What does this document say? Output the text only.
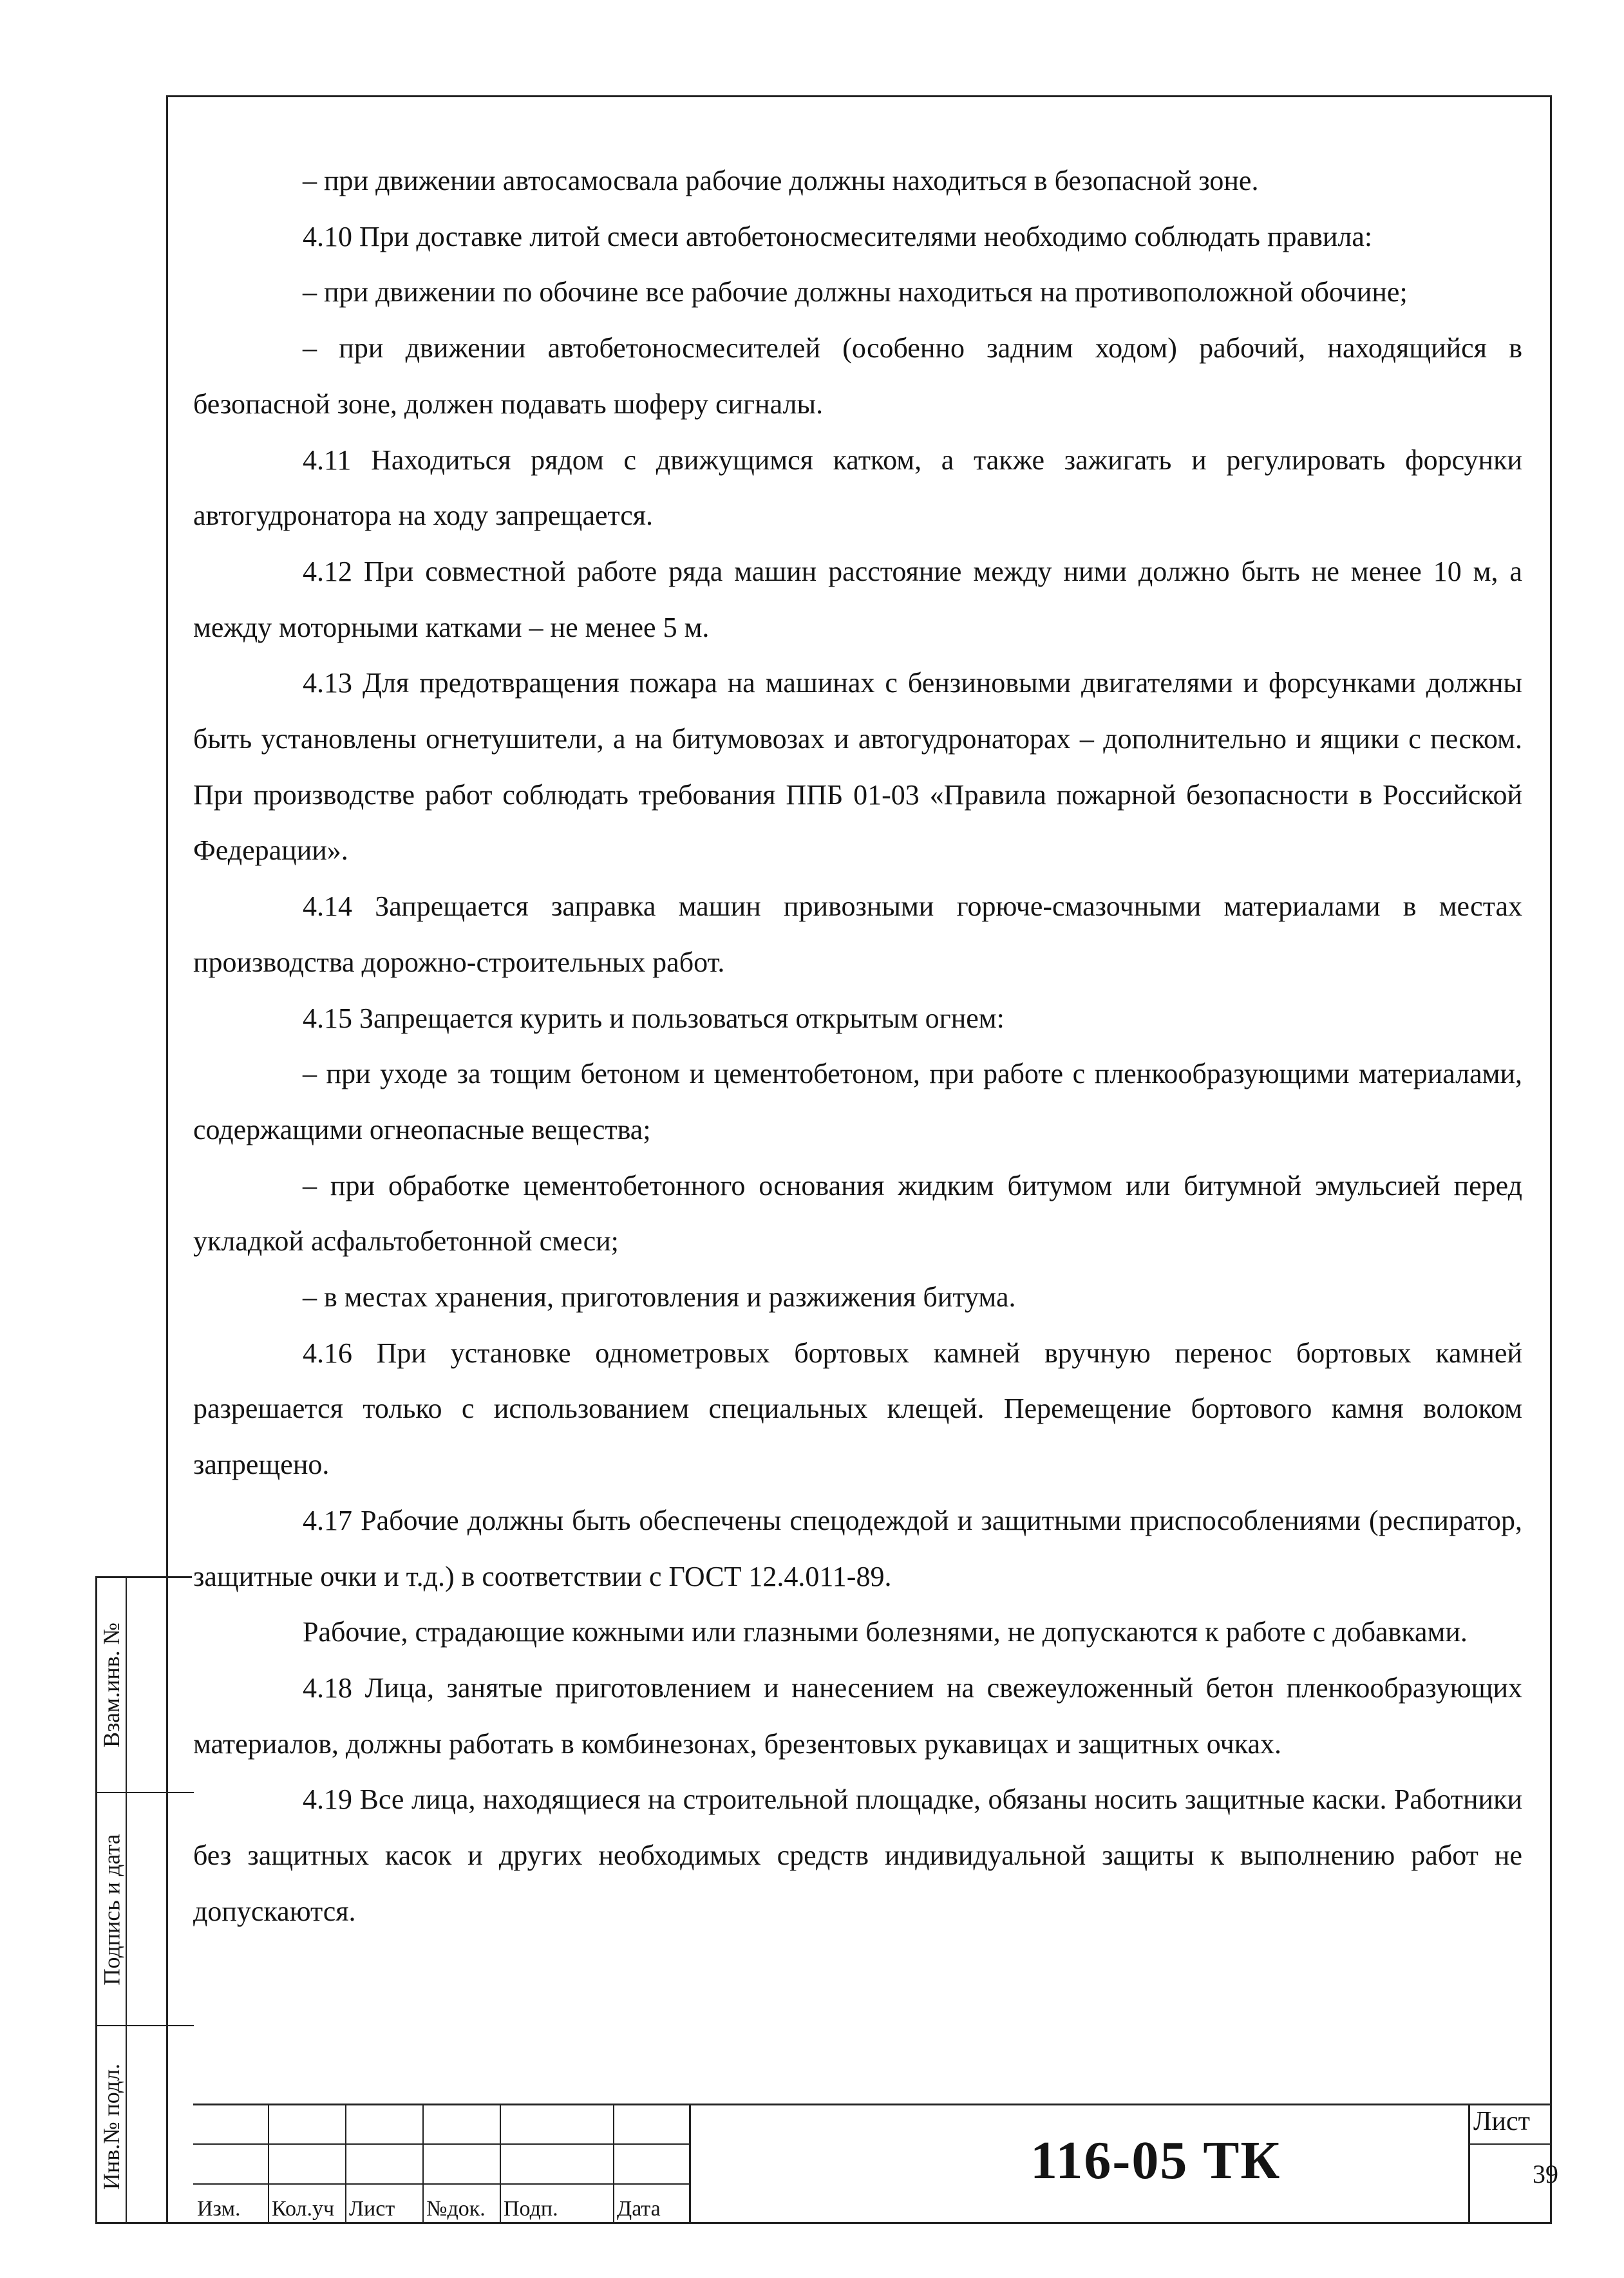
– при движении автосамосвала рабочие должны находиться в безопасной зоне.

4.10 При доставке литой смеси автобетоносмесителями необходимо соблюдать правила:

– при движении по обочине все рабочие должны находиться на противоположной обочине;

– при движении автобетоносмесителей (особенно задним ходом) рабочий, находящийся в безопасной зоне, должен подавать шоферу сигналы.

4.11 Находиться рядом с движущимся катком, а также зажигать и регулировать форсунки автогудронатора на ходу запрещается.

4.12 При совместной работе ряда машин расстояние между ними должно быть не менее 10 м, а между моторными катками – не менее 5 м.

4.13 Для предотвращения пожара на машинах с бензиновыми двигателями и форсунками должны быть установлены огнетушители, а на битумовозах и автогудронаторах – дополнительно и ящики с песком. При производстве работ соблюдать требования ППБ 01-03 «Правила пожарной безопасности в Российской Федерации».

4.14 Запрещается заправка машин привозными горюче-смазочными материалами в местах производства дорожно-строительных работ.

4.15 Запрещается курить и пользоваться открытым огнем:

– при уходе за тощим бетоном и цементобетоном, при работе с пленкообразующими материалами, содержащими огнеопасные вещества;

– при обработке цементобетонного основания жидким битумом или битумной эмульсией перед укладкой асфальтобетонной смеси;

– в местах хранения, приготовления и разжижения битума.

4.16 При установке однометровых бортовых камней вручную перенос бортовых камней разрешается только с использованием специальных клещей. Перемещение бортового камня волоком запрещено.

4.17 Рабочие должны быть обеспечены спецодеждой и защитными приспособлениями (респиратор, защитные очки и т.д.) в соответствии с ГОСТ 12.4.011-89.

Рабочие, страдающие кожными или глазными болезнями, не допускаются к работе с добавками.

4.18 Лица, занятые приготовлением и нанесением на свежеуложенный бетон пленкообразующих материалов, должны работать в комбинезонах, брезентовых рукавицах и защитных очках.

4.19 Все лица, находящиеся на строительной площадке, обязаны носить защитные каски. Работники без защитных касок и других необходимых средств индивидуальной защиты к выполнению работ не допускаются.

Взам.инв. №
Подпись и дата
Инв.№ подл.	116-05 ТК
Лист
39
Изм. Кол.уч Лист №док. Подп.	Дата
